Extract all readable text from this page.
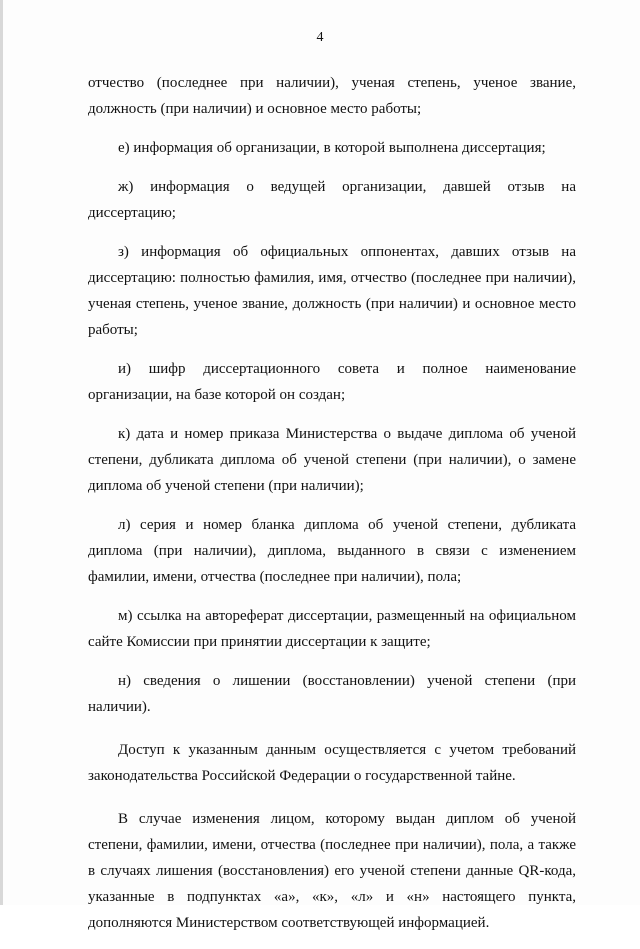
4

отчество (последнее при наличии), ученая степень, ученое звание, должность (при наличии) и основное место работы;

е) информация об организации, в которой выполнена диссертация;

ж) информация о ведущей организации, давшей отзыв на диссертацию;

з) информация об официальных оппонентах, давших отзыв на диссертацию: полностью фамилия, имя, отчество (последнее при наличии), ученая степень, ученое звание, должность (при наличии) и основное место работы;

и) шифр диссертационного совета и полное наименование организации, на базе которой он создан;

к) дата и номер приказа Министерства о выдаче диплома об ученой степени, дубликата диплома об ученой степени (при наличии), о замене диплома об ученой степени (при наличии);

л) серия и номер бланка диплома об ученой степени, дубликата диплома (при наличии), диплома, выданного в связи с изменением фамилии, имени, отчества (последнее при наличии), пола;

м) ссылка на автореферат диссертации, размещенный на официальном сайте Комиссии при принятии диссертации к защите;

н) сведения о лишении (восстановлении) ученой степени (при наличии).

Доступ к указанным данным осуществляется с учетом требований законодательства Российской Федерации о государственной тайне.

В случае изменения лицом, которому выдан диплом об ученой степени, фамилии, имени, отчества (последнее при наличии), пола, а также в случаях лишения (восстановления) его ученой степени данные QR-кода, указанные в подпунктах «а», «к», «л» и «н» настоящего пункта, дополняются Министерством соответствующей информацией.
